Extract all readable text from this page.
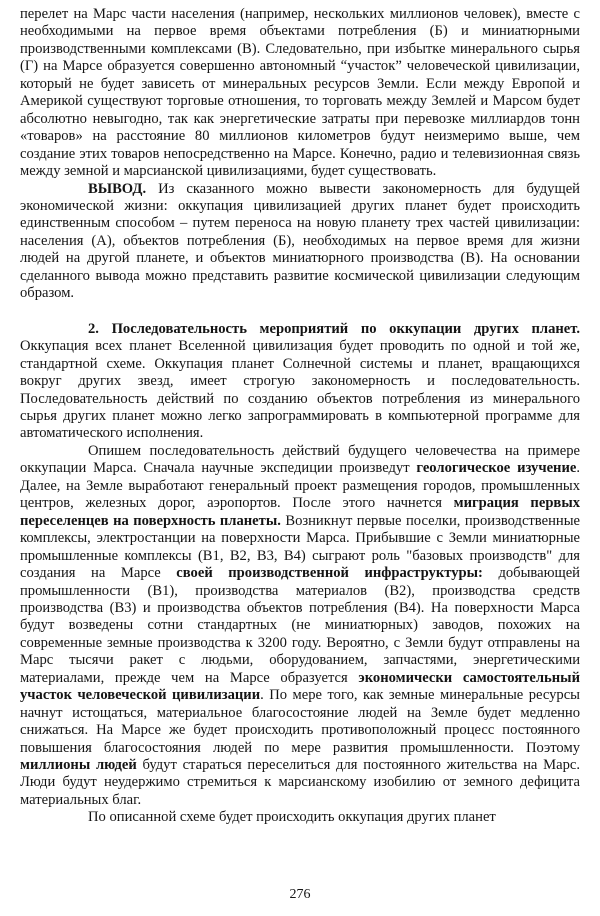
перелет на Марс части населения (например, нескольких миллионов человек), вместе с необходимыми на первое время объектами потребления (Б) и миниатюрными производственными комплексами (В). Следовательно, при избытке минерального сырья (Г) на Марсе образуется совершенно автономный “участок” человеческой цивилизации, который не будет зависеть от минеральных ресурсов Земли. Если между Европой и Америкой существуют торговые отношения, то торговать между Землей и Марсом будет абсолютно невыгодно, так как энергетические затраты при перевозке миллиардов тонн «товаров» на расстояние 80 миллионов километров будут неизмеримо выше, чем создание этих товаров непосредственно на Марсе. Конечно, радио и телевизионная связь между земной и марсианской цивилизациями, будет существовать.

ВЫВОД. Из сказанного можно вывести закономерность для будущей экономической жизни: оккупация цивилизацией других планет будет происходить единственным способом – путем переноса на новую планету трех частей цивилизации: населения (А), объектов потребления (Б), необходимых на первое время для жизни людей на другой планете, и объектов миниатюрного производства (В). На основании сделанного вывода можно представить развитие космической цивилизации следующим образом.

2. Последовательность мероприятий по оккупации других планет. Оккупация всех планет Вселенной цивилизация будет проводить по одной и той же, стандартной схеме. Оккупация планет Солнечной системы и планет, вращающихся вокруг других звезд, имеет строгую закономерность и последовательность. Последовательность действий по созданию объектов потребления из минерального сырья других планет можно легко запрограммировать в компьютерной программе для автоматического исполнения.

Опишем последовательность действий будущего человечества на примере оккупации Марса. Сначала научные экспедиции произведут геологическое изучение. Далее, на Земле выработают генеральный проект размещения городов, промышленных центров, железных дорог, аэропортов. После этого начнется миграция первых переселенцев на поверхность планеты. Возникнут первые поселки, производственные комплексы, электростанции на поверхности Марса. Прибывшие с Земли миниатюрные промышленные комплексы (В1, В2, В3, В4) сыграют роль "базовых производств" для создания на Марсе своей производственной инфраструктуры: добывающей промышленности (В1), производства материалов (В2), производства средств производства (В3) и производства объектов потребления (В4). На поверхности Марса будут возведены сотни стандартных (не миниатюрных) заводов, похожих на современные земные производства к 3200 году. Вероятно, с Земли будут отправлены на Марс тысячи ракет с людьми, оборудованием, запчастями, энергетическими материалами, прежде чем на Марсе образуется экономически самостоятельный участок человеческой цивилизации. По мере того, как земные минеральные ресурсы начнут истощаться, материальное благосостояние людей на Земле будет медленно снижаться. На Марсе же будет происходить противоположный процесс постоянного повышения благосостояния людей по мере развития промышленности. Поэтому миллионы людей будут стараться переселиться для постоянного жительства на Марс. Люди будут неудержимо стремиться к марсианскому изобилию от земного дефицита материальных благ.

По описанной схеме будет происходить оккупация других планет

276
